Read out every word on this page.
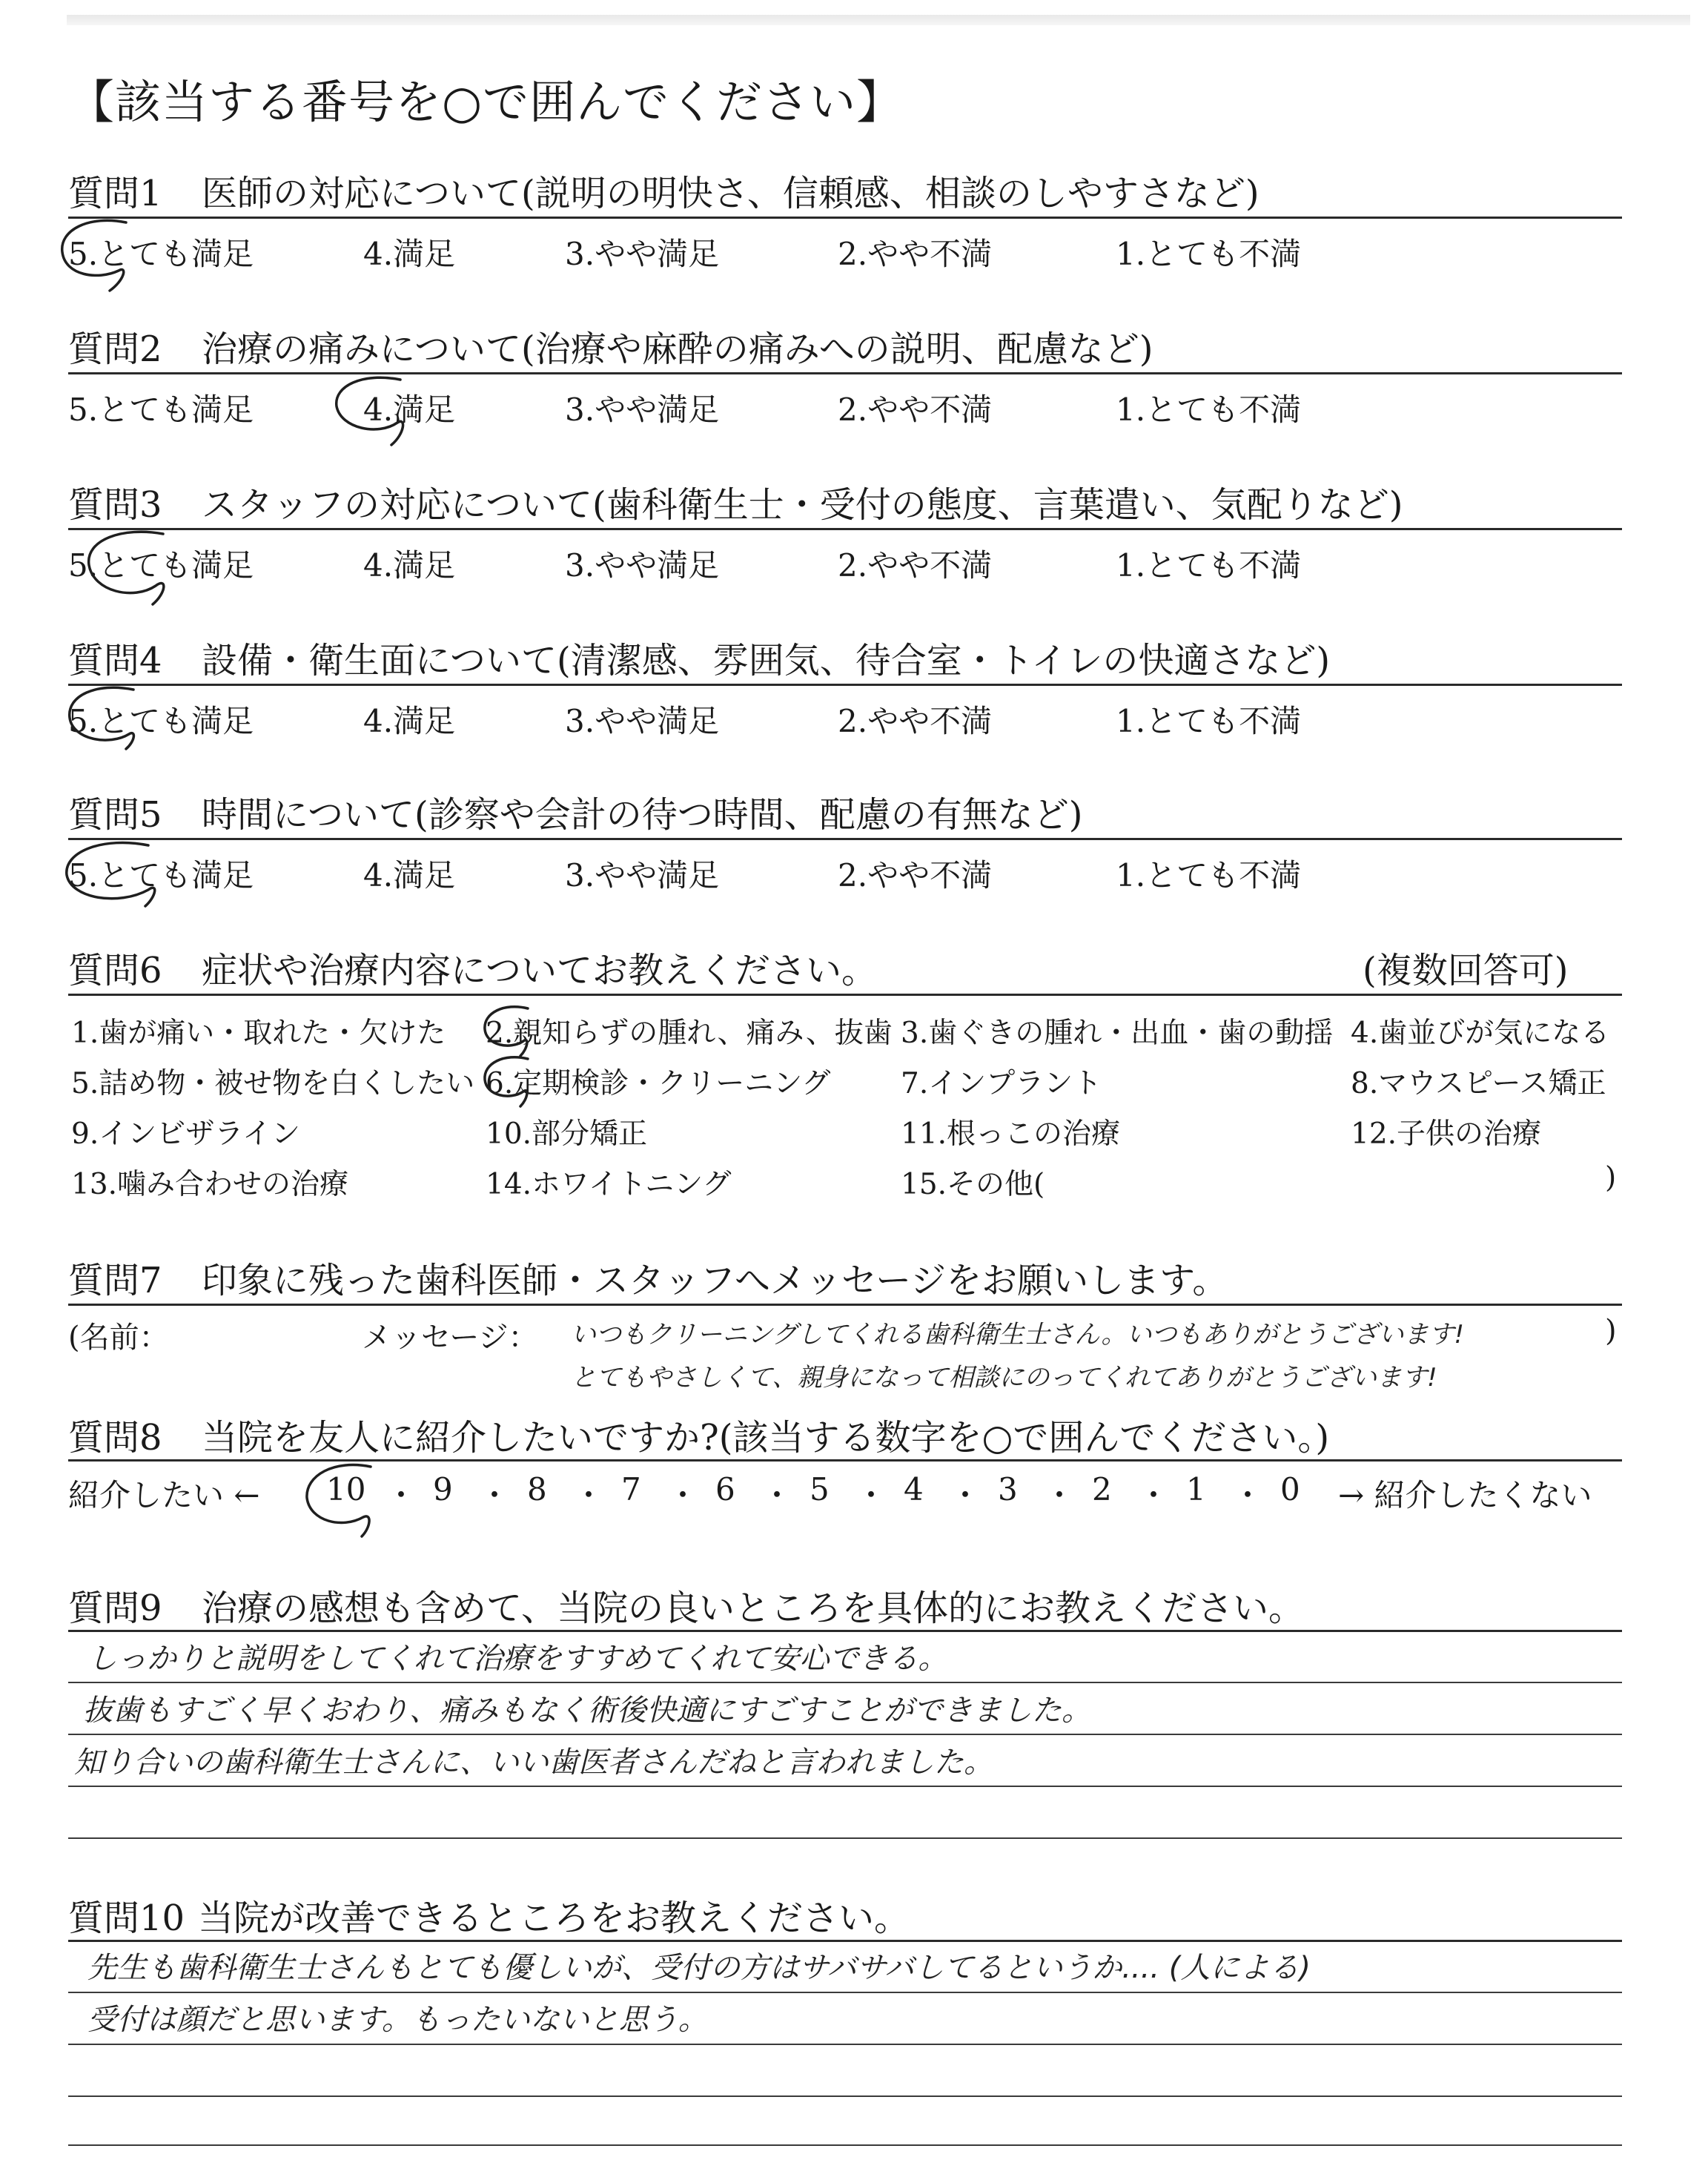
【該当する番号を○で囲んでください】
質問1 医師の対応について(説明の明快さ、信頼感、相談のしやすさなど)
5.とても満足	4.満足	3.やや満足	2.やや不満	1.とても不満
質問2 治療の痛みについて(治療や麻酔の痛みへの説明、配慮など)
5.とても満足	4.満足	3.やや満足	2.やや不満	1.とても不満
質問3 スタッフの対応について(歯科衛生士・受付の態度、言葉遣い、気配りなど)
5.とても満足	4.満足	3.やや満足	2.やや不満	1.とても不満
質問4 設備・衛生面について(清潔感、雰囲気、待合室・トイレの快適さなど)
5.とても満足	4.満足	3.やや満足	2.やや不満	1.とても不満
質問5 時間について(診察や会計の待つ時間、配慮の有無など)
5.とても満足	4.満足	3.やや満足	2.やや不満	1.とても不満
質問6 症状や治療内容についてお教えください。	(複数回答可)
1.歯が痛い・取れた・欠けた 2.親知らずの腫れ、痛み、抜歯 3.歯ぐきの腫れ・出血・歯の動揺 4.歯並びが気になる
5.詰め物・被せ物を白くしたい 6.定期検診・クリーニング 7.インプラント	8.マウスピース矯正
9.インビザライン	10.部分矯正	11.根っこの治療	12.子供の治療
13.噛み合わせの治療	14.ホワイトニング	15.その他(	)
質問7 印象に残った歯科医師・スタッフへメッセージをお願いします。
(名前：	メッセージ： いつもクリーニングしてくれる歯科衛生士さん。いつもありがとうございます!	)
とてもやさしくて、親身になって相談にのってくれてありがとうございます!
質問8 当院を友人に紹介したいですか?(該当する数字を○で囲んでください。)
紹介したい ← 10 ・ 9 ・ 8 ・ 7 ・ 6 ・ 5 ・ 4 ・ 3 ・ 2 ・ 1 ・ 0 → 紹介したくない
質問9 治療の感想も含めて、当院の良いところを具体的にお教えください。
しっかりと説明をしてくれて治療をすすめてくれて安心できる。
抜歯もすごく早くおわり、痛みもなく術後快適にすごすことができました。
知り合いの歯科衛生士さんに、いい歯医者さんだねと言われました。
質問10 当院が改善できるところをお教えください。
先生も歯科衛生士さんもとても優しいが、受付の方はサバサバしてるというか.... (人による)
受付は顔だと思います。もったいないと思う。
